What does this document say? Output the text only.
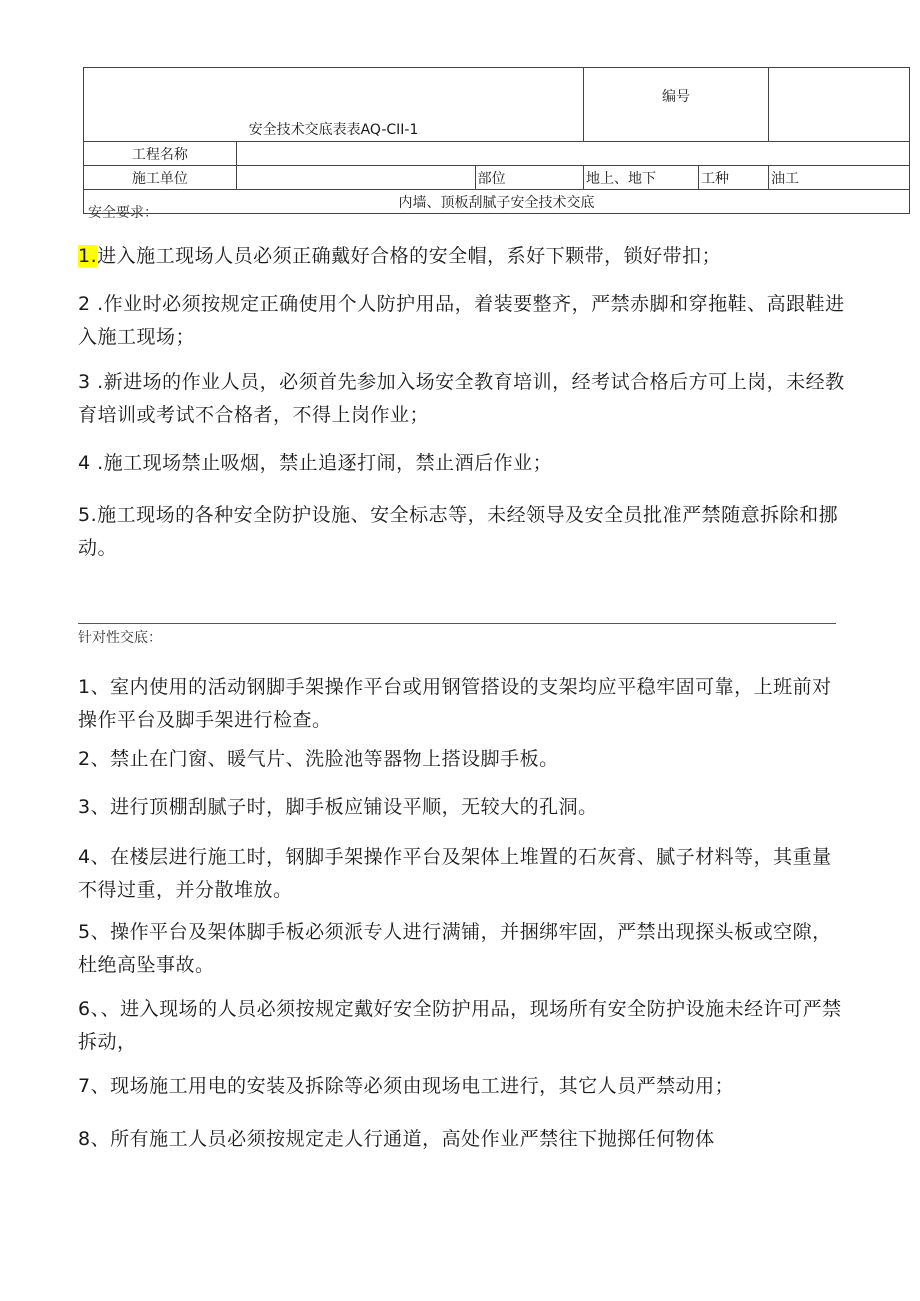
安全技术交底表表AQ-CII-1			编号		
工程名称					
施工单位		部位	地上、地下	工种	油工
内墙、顶板刮腻子安全技术交底					
安全要求：
1.进入施工现场人员必须正确戴好合格的安全帽，系好下颗带，锁好带扣；
2 .作业时必须按规定正确使用个人防护用品，着装要整齐，严禁赤脚和穿拖鞋、高跟鞋进入施工现场；
3 .新进场的作业人员，必须首先参加入场安全教育培训，经考试合格后方可上岗，未经教育培训或考试不合格者，不得上岗作业；
4 .施工现场禁止吸烟，禁止追逐打闹，禁止酒后作业；
5.施工现场的各种安全防护设施、安全标志等，未经领导及安全员批准严禁随意拆除和挪动。
针对性交底：
1、室内使用的活动钢脚手架操作平台或用钢管搭设的支架均应平稳牢固可靠，上班前对操作平台及脚手架进行检查。
2、禁止在门窗、暖气片、洗脸池等器物上搭设脚手板。
3、进行顶棚刮腻子时，脚手板应铺设平顺，无较大的孔洞。
4、在楼层进行施工时，钢脚手架操作平台及架体上堆置的石灰膏、腻子材料等，其重量不得过重，并分散堆放。
5、操作平台及架体脚手板必须派专人进行满铺，并捆绑牢固，严禁出现探头板或空隙，杜绝高坠事故。
6、、进入现场的人员必须按规定戴好安全防护用品，现场所有安全防护设施未经许可严禁拆动，
7、现场施工用电的安装及拆除等必须由现场电工进行，其它人员严禁动用；
8、所有施工人员必须按规定走人行通道，高处作业严禁往下抛掷任何物体
